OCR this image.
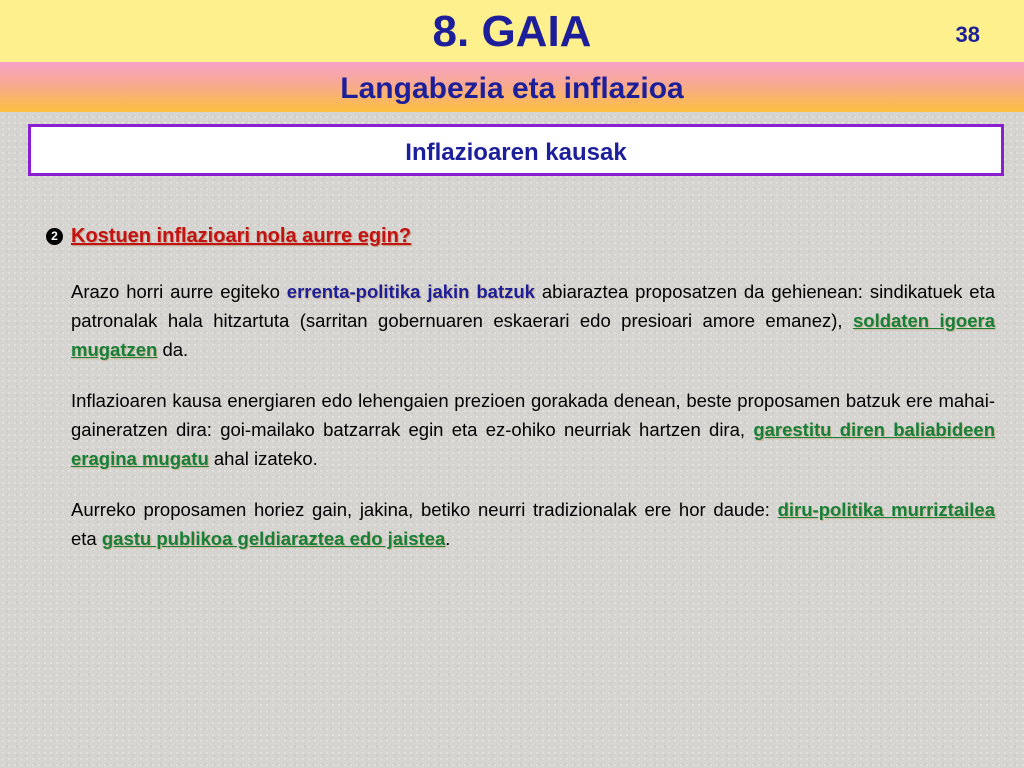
8. GAIA	38
Langabezia eta inflazioa
Inflazioaren kausak
2 Kostuen inflazioari nola aurre egin?

Arazo horri aurre egiteko errenta-politika jakin batzuk abiaraztea proposatzen da gehienean: sindikatuek eta patronalak hala hitzartuta (sarritan gobernuaren eskaerari edo presioari amore emanez), soldaten igoera mugatzen da.

Inflazioaren kausa energiaren edo lehengaien prezioen gorakada denean, beste proposamen batzuk ere mahai-gaineratzen dira: goi-mailako batzarrak egin eta ez-ohiko neurriak hartzen dira, garestitu diren baliabideen eragina mugatu ahal izateko.

Aurreko proposamen horiez gain, jakina, betiko neurri tradizionalak ere hor daude: diru-politika murriztailea eta gastu publikoa geldiaraztea edo jaistea.
